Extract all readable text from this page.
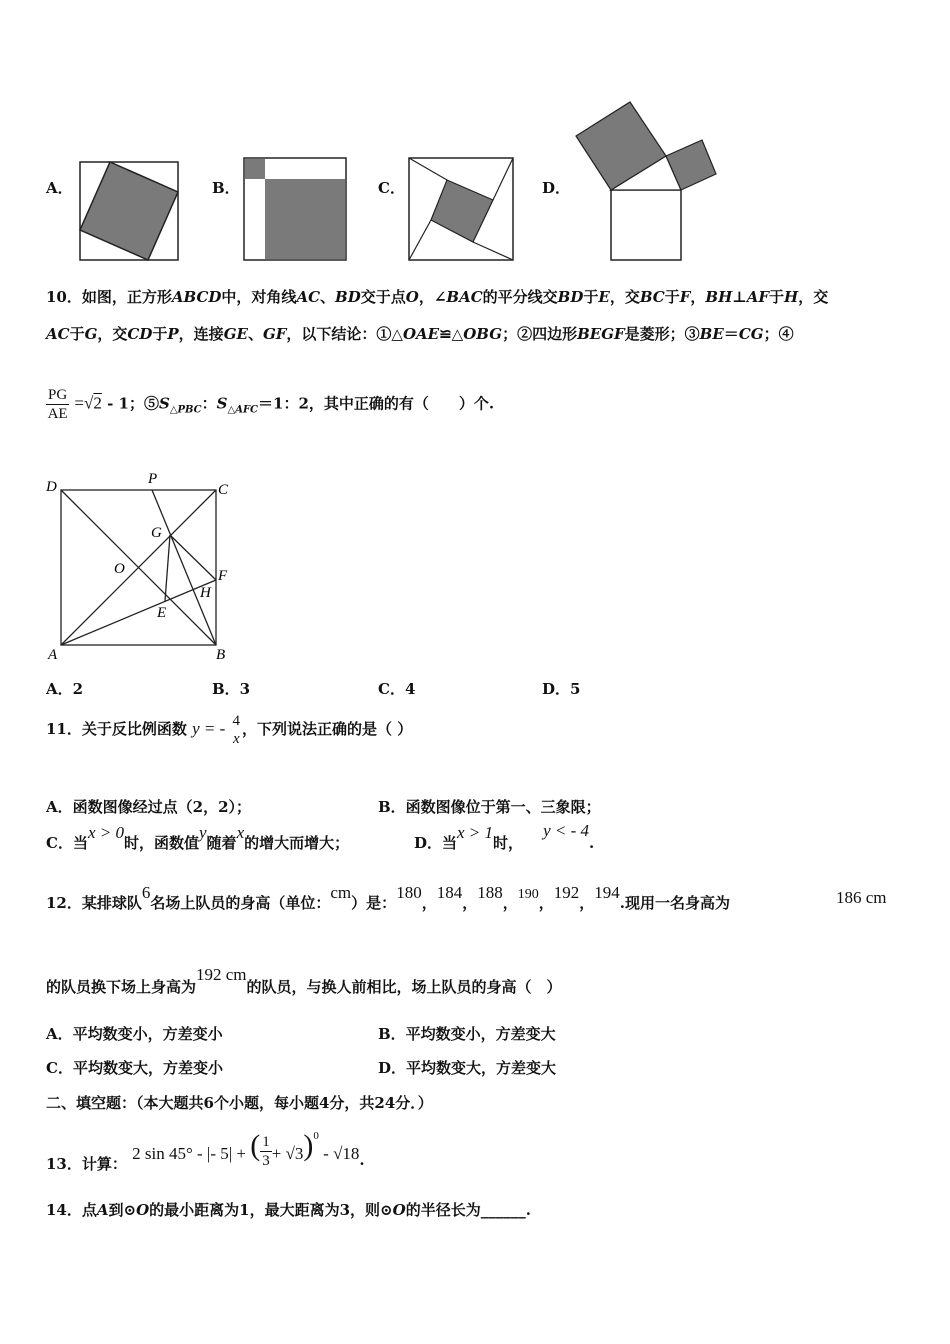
A．	B．	C．	D．
10．如图，正方形ABCD中，对角线AC、BD交于点O，∠BAC的平分线交BD于E，交BC于F，BH⊥AF于H，交
AC于G，交CD于P，连接GE、GF，以下结论：①△OAE≌△OBG；②四边形BEGF是菱形；③BE＝CG；④
$\frac{PG}{AE} =√2 - 1$；$⑤S_{\triangle PBC}$：$S_{\triangle AFC}=1$：2，其中正确的有（　　）个.
D	C
P
G
O	F
H
E
A	B
A．2	B．3	C．4	D．5
11．关于反比例函数 y = - 4
x
，下列说法正确的是（ ）
A．函数图像经过点（2，2）；	B．函数图像位于第一、三象限；
C．当x > 0时，函数值y随着x的增大而增大；	D．当x > 1时，y < - 4.
12．某排球队6名场上队员的身高（单位：cm）是：180，184，188，190，192，194.现用一名身高为	186 cm
的队员换下场上身高为192 cm的队员，与换人前相比，场上队员的身高（　）
A．平均数变小，方差变小	B．平均数变小，方差变大
C．平均数变大，方差变小	D．平均数变大，方差变大
二、填空题：（本大题共6个小题，每小题4分，共24分．）
13．计算： 2 sin 45° - |- 5| + ( $\frac{1}{3} + √3)^0 - √18$.
14．点A到⊙O的最小距离为1，最大距离为3，则⊙O的半径长为______.
